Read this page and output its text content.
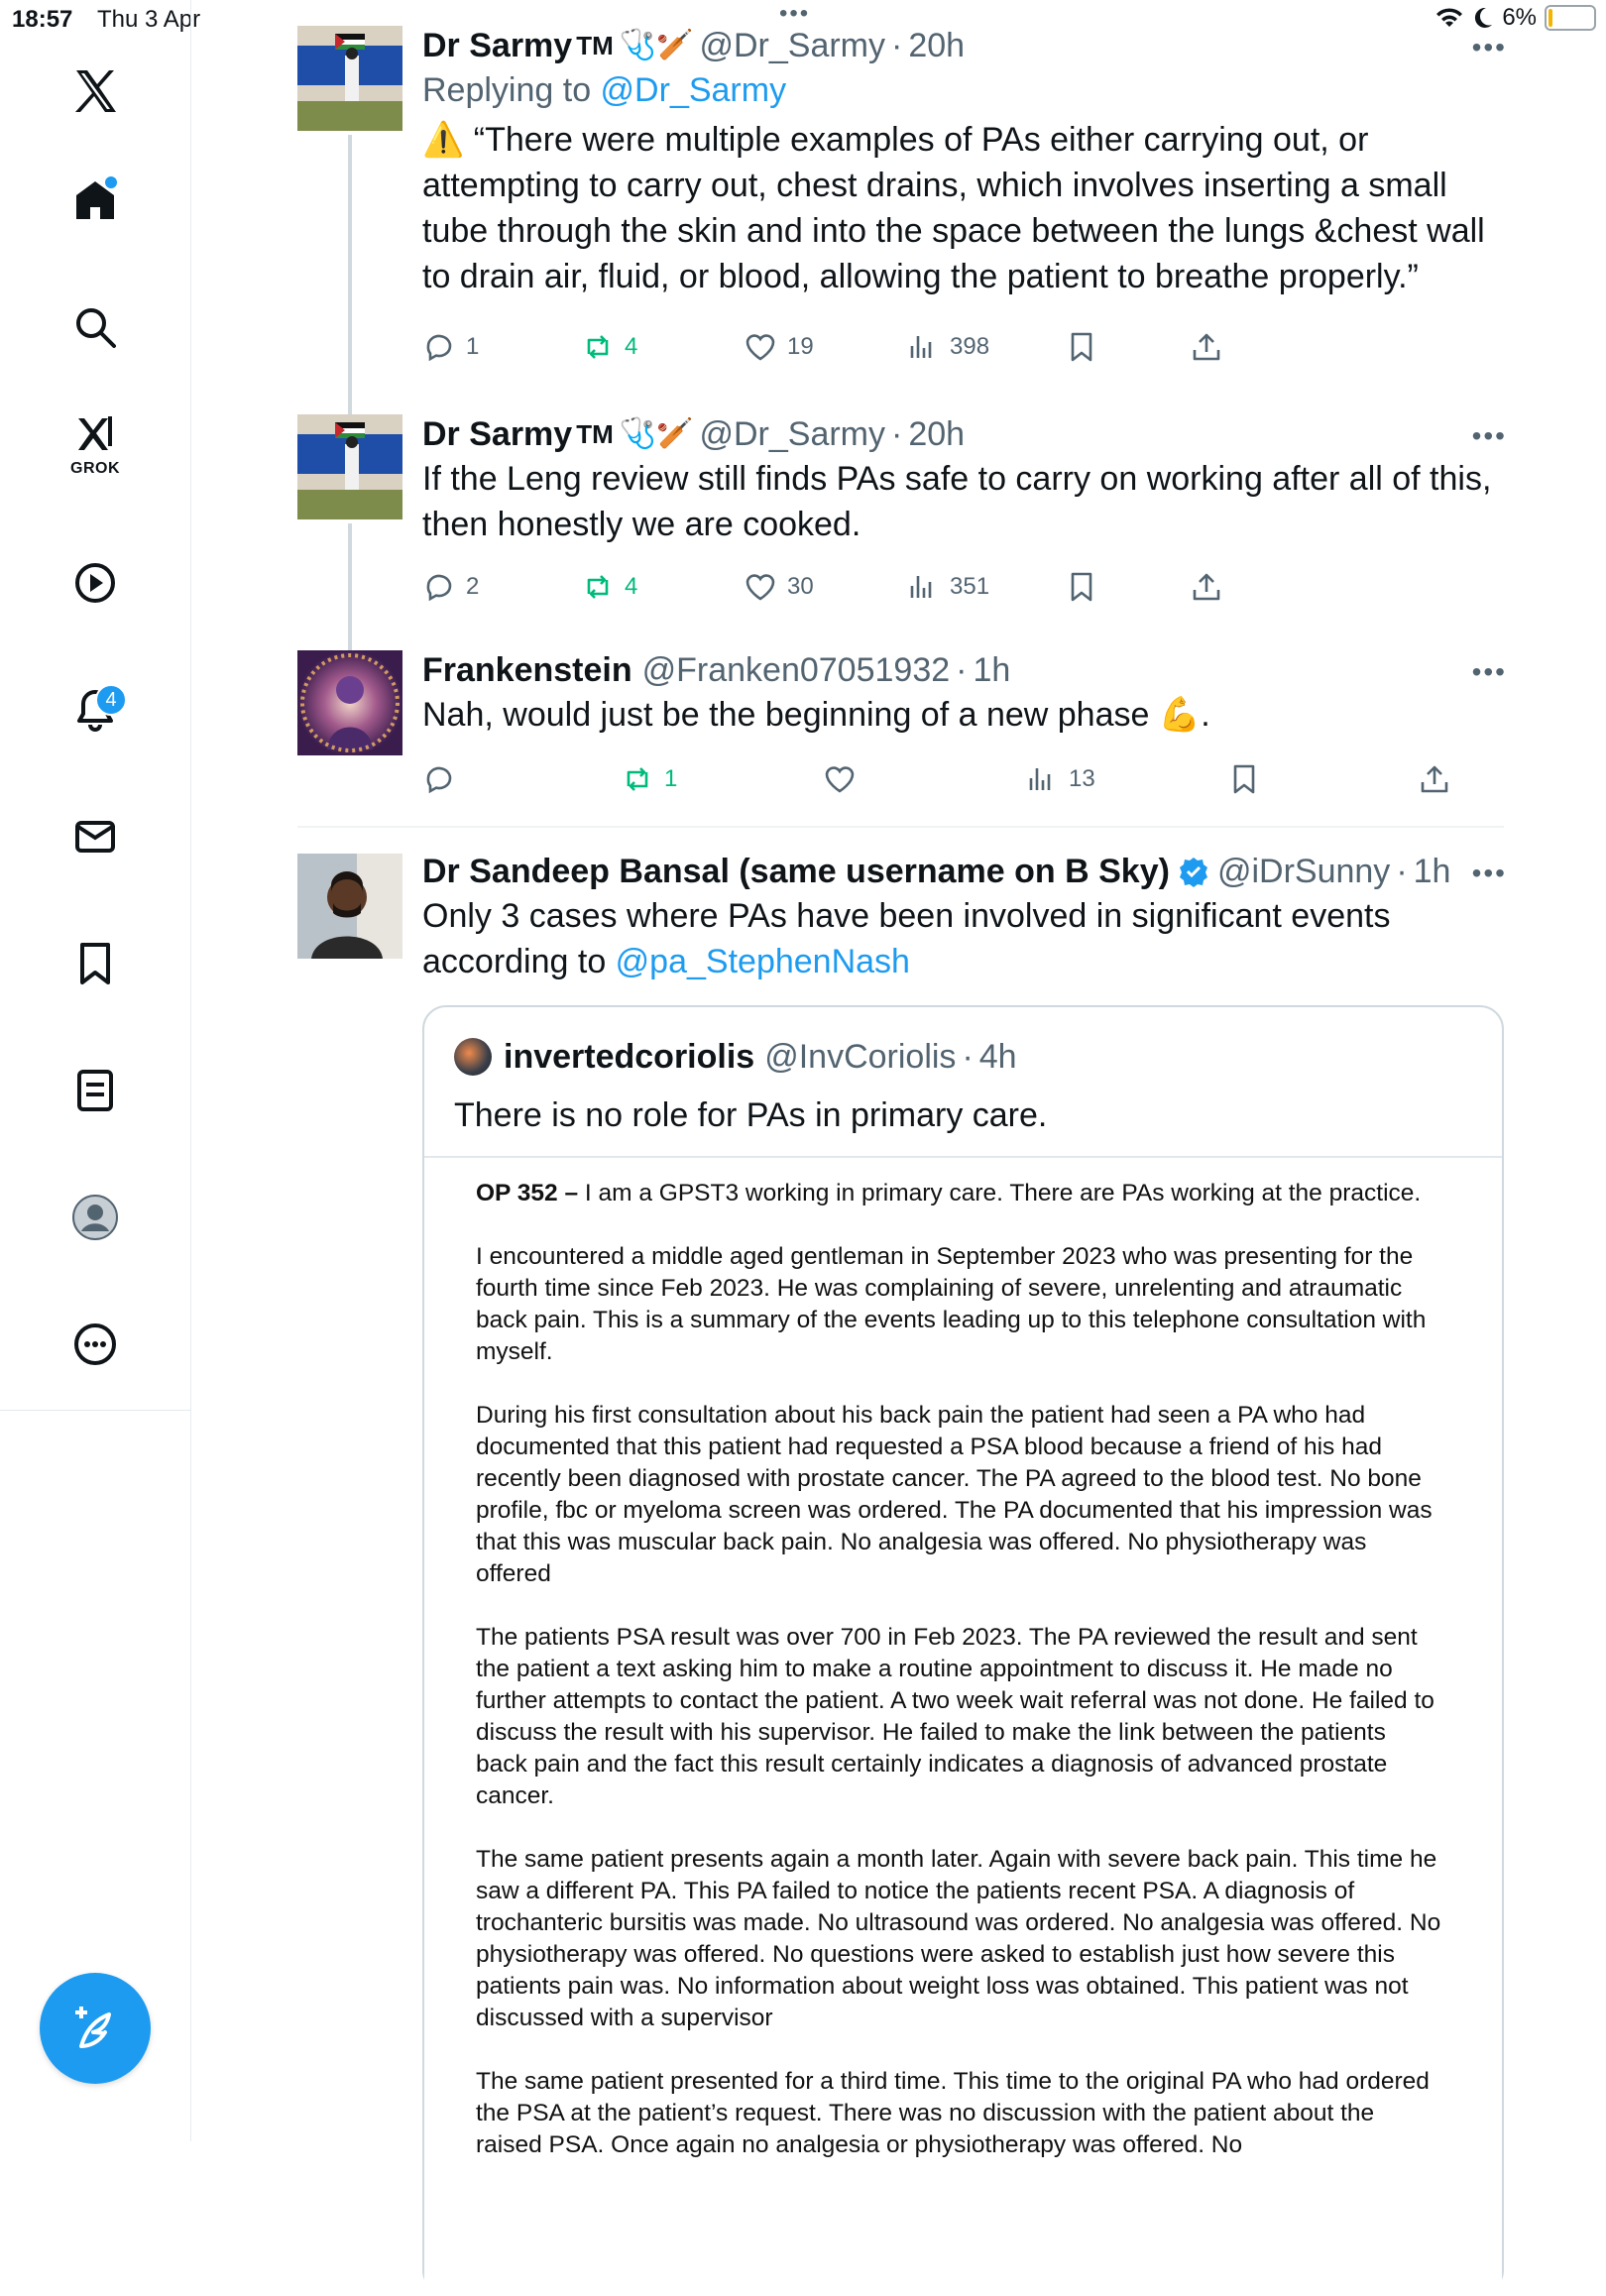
18:57 Thu 3 Apr	•••	6%
GROK
4
Dr Sarmy TM 🩺🏏 @Dr_Sarmy · 20h	•••
Replying to @Dr_Sarmy
⚠️ “There were multiple examples of PAs either carrying out, or attempting to carry out, chest drains, which involves inserting a small tube through the skin and into the space between the lungs &chest wall to drain air, fluid, or blood, allowing the patient to breathe properly.”
1	4	19	398
Dr Sarmy TM 🩺🏏 @Dr_Sarmy · 20h	•••
If the Leng review still finds PAs safe to carry on working after all of this, then honestly we are cooked.
2	4	30	351
Frankenstein @Franken07051932 · 1h	•••
Nah, would just be the beginning of a new phase 💪.
1	13
Dr Sandeep Bansal (same username on B Sky) @iDrSunny · 1h •••
Only 3 cases where PAs have been involved in significant events according to @pa_StephenNash
invertedcoriolis @InvCoriolis · 4h
There is no role for PAs in primary care.

OP 352 – I am a GPST3 working in primary care. There are PAs working at the practice.

I encountered a middle aged gentleman in September 2023 who was presenting for the fourth time since Feb 2023. He was complaining of severe, unrelenting and atraumatic back pain. This is a summary of the events leading up to this telephone consultation with myself.

During his first consultation about his back pain the patient had seen a PA who had documented that this patient had requested a PSA blood because a friend of his had recently been diagnosed with prostate cancer. The PA agreed to the blood test. No bone profile, fbc or myeloma screen was ordered. The PA documented that his impression was that this was muscular back pain. No analgesia was offered. No physiotherapy was offered

The patients PSA result was over 700 in Feb 2023. The PA reviewed the result and sent the patient a text asking him to make a routine appointment to discuss it. He made no further attempts to contact the patient. A two week wait referral was not done. He failed to discuss the result with his supervisor. He failed to make the link between the patients back pain and the fact this result certainly indicates a diagnosis of advanced prostate cancer.

The same patient presents again a month later. Again with severe back pain. This time he saw a different PA. This PA failed to notice the patients recent PSA. A diagnosis of trochanteric bursitis was made. No ultrasound was ordered. No analgesia was offered. No physiotherapy was offered. No questions were asked to establish just how severe this patients pain was. No information about weight loss was obtained. This patient was not discussed with a supervisor

The same patient presented for a third time. This time to the original PA who had ordered the PSA at the patient’s request. There was no discussion with the patient about the raised PSA. Once again no analgesia or physiotherapy was offered. No
